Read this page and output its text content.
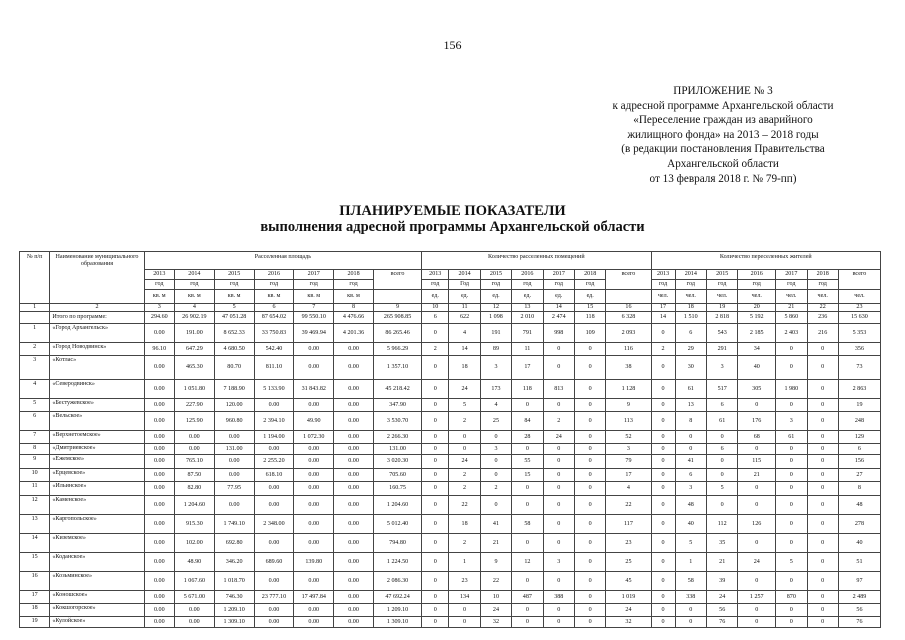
156
ПРИЛОЖЕНИЕ № 3
к адресной программе Архангельской области
«Переселение граждан из аварийного
жилищного фонда» на 2013 – 2018 годы
(в редакции постановления Правительства
Архангельской области
от 13 февраля 2018 г. № 79-пп)
ПЛАНИРУЕМЫЕ ПОКАЗАТЕЛИ
выполнения адресной программы Архангельской области
№ п/п	Наименование муниципального образования	Расселенная площадь							Количество расселенных помещений							Количество переселенных жителей						
		2013	2014	2015	2016	2017	2018	всего	2013	2014	2015	2016	2017	2018	всего	2013	2014	2015	2016	2017	2018	всего
		год	год	год	год	год	год		год	Год	год	год	год	год		год	год	год	год	год	год	
		кв. м	кв. м	кв. м	кв. м	кв. м	кв. м		ед.	ед.	ед.	ед.	ед.	ед.		чел.	чел.	чел.	чел.	чел.	чел.	чел.
1	2	3	4	5	6	7	8	9	10	11	12	13	14	15	16	17	18	19	20	21	22	23
	Итого по программе:	294.60	26 902.19	47 051.28	87 654.02	99 550.10	4 476.66	265 908.85	6	622	1 098	2 010	2 474	118	6 328	14	1 510	2 818	5 192	5 860	236	15 630
1	«Город Архангельск»	0.00	191.00	8 652.33	33 750.83	39 469.94	4 201.36	86 265.46	0	4	191	791	998	109	2 093	0	6	543	2 185	2 403	216	5 353
2	«Город Новодвинск»	96.10	647.29	4 680.50	542.40	0.00	0.00	5 966.29	2	14	89	11	0	0	116	2	29	291	34	0	0	356
3	«Котлас»	0.00	465.30	80.70	811.10	0.00	0.00	1 357.10	0	18	3	17	0	0	38	0	30	3	40	0	0	73
4	«Северодвинск»	0.00	1 051.80	7 188.90	5 133.90	31 843.82	0.00	45 218.42	0	24	173	118	813	0	1 128	0	61	517	305	1 980	0	2 863
5	«Бестужевское»	0.00	227.90	120.00	0.00	0.00	0.00	347.90	0	5	4	0	0	0	9	0	13	6	0	0	0	19
6	«Вельское»	0.00	125.90	960.80	2 394.10	49.90	0.00	3 530.70	0	2	25	84	2	0	113	0	8	61	176	3	0	248
7	«Верхнетоемское»	0.00	0.00	0.00	1 194.00	1 072.30	0.00	2 266.30	0	0	0	28	24	0	52	0	0	0	68	61	0	129
8	«Дмитриевское»	0.00	0.00	131.00	0.00	0.00	0.00	131.00	0	0	3	0	0	0	3	0	0	6	0	0	0	6
9	«Ежемское»	0.00	765.10	0.00	2 255.20	0.00	0.00	3 020.30	0	24	0	55	0	0	79	0	41	0	115	0	0	156
10	«Ерцевское»	0.00	87.50	0.00	618.10	0.00	0.00	705.60	0	2	0	15	0	0	17	0	6	0	21	0	0	27
11	«Ильинское»	0.00	82.80	77.95	0.00	0.00	0.00	160.75	0	2	2	0	0	0	4	0	3	5	0	0	0	8
12	«Каменское»	0.00	1 204.60	0.00	0.00	0.00	0.00	1 204.60	0	22	0	0	0	0	22	0	48	0	0	0	0	48
13	«Каргопольское»	0.00	915.30	1 749.10	2 348.00	0.00	0.00	5 012.40	0	18	41	58	0	0	117	0	40	112	126	0	0	278
14	«Киземское»	0.00	102.00	692.80	0.00	0.00	0.00	794.80	0	2	21	0	0	0	23	0	5	35	0	0	0	40
15	«Коданское»	0.00	48.90	346.20	689.60	139.80	0.00	1 224.50	0	1	9	12	3	0	25	0	1	21	24	5	0	51
16	«Козьминское»	0.00	1 067.60	1 018.70	0.00	0.00	0.00	2 086.30	0	23	22	0	0	0	45	0	58	39	0	0	0	97
17	«Коношское»	0.00	5 671.00	746.30	23 777.10	17 497.84	0.00	47 692.24	0	134	10	487	388	0	1 019	0	338	24	1 257	870	0	2 489
18	«Кокшогорское»	0.00	0.00	1 209.10	0.00	0.00	0.00	1 209.10	0	0	24	0	0	0	24	0	0	56	0	0	0	56
19	«Кулойское»	0.00	0.00	1 309.10	0.00	0.00	0.00	1 309.10	0	0	32	0	0	0	32	0	0	76	0	0	0	76
